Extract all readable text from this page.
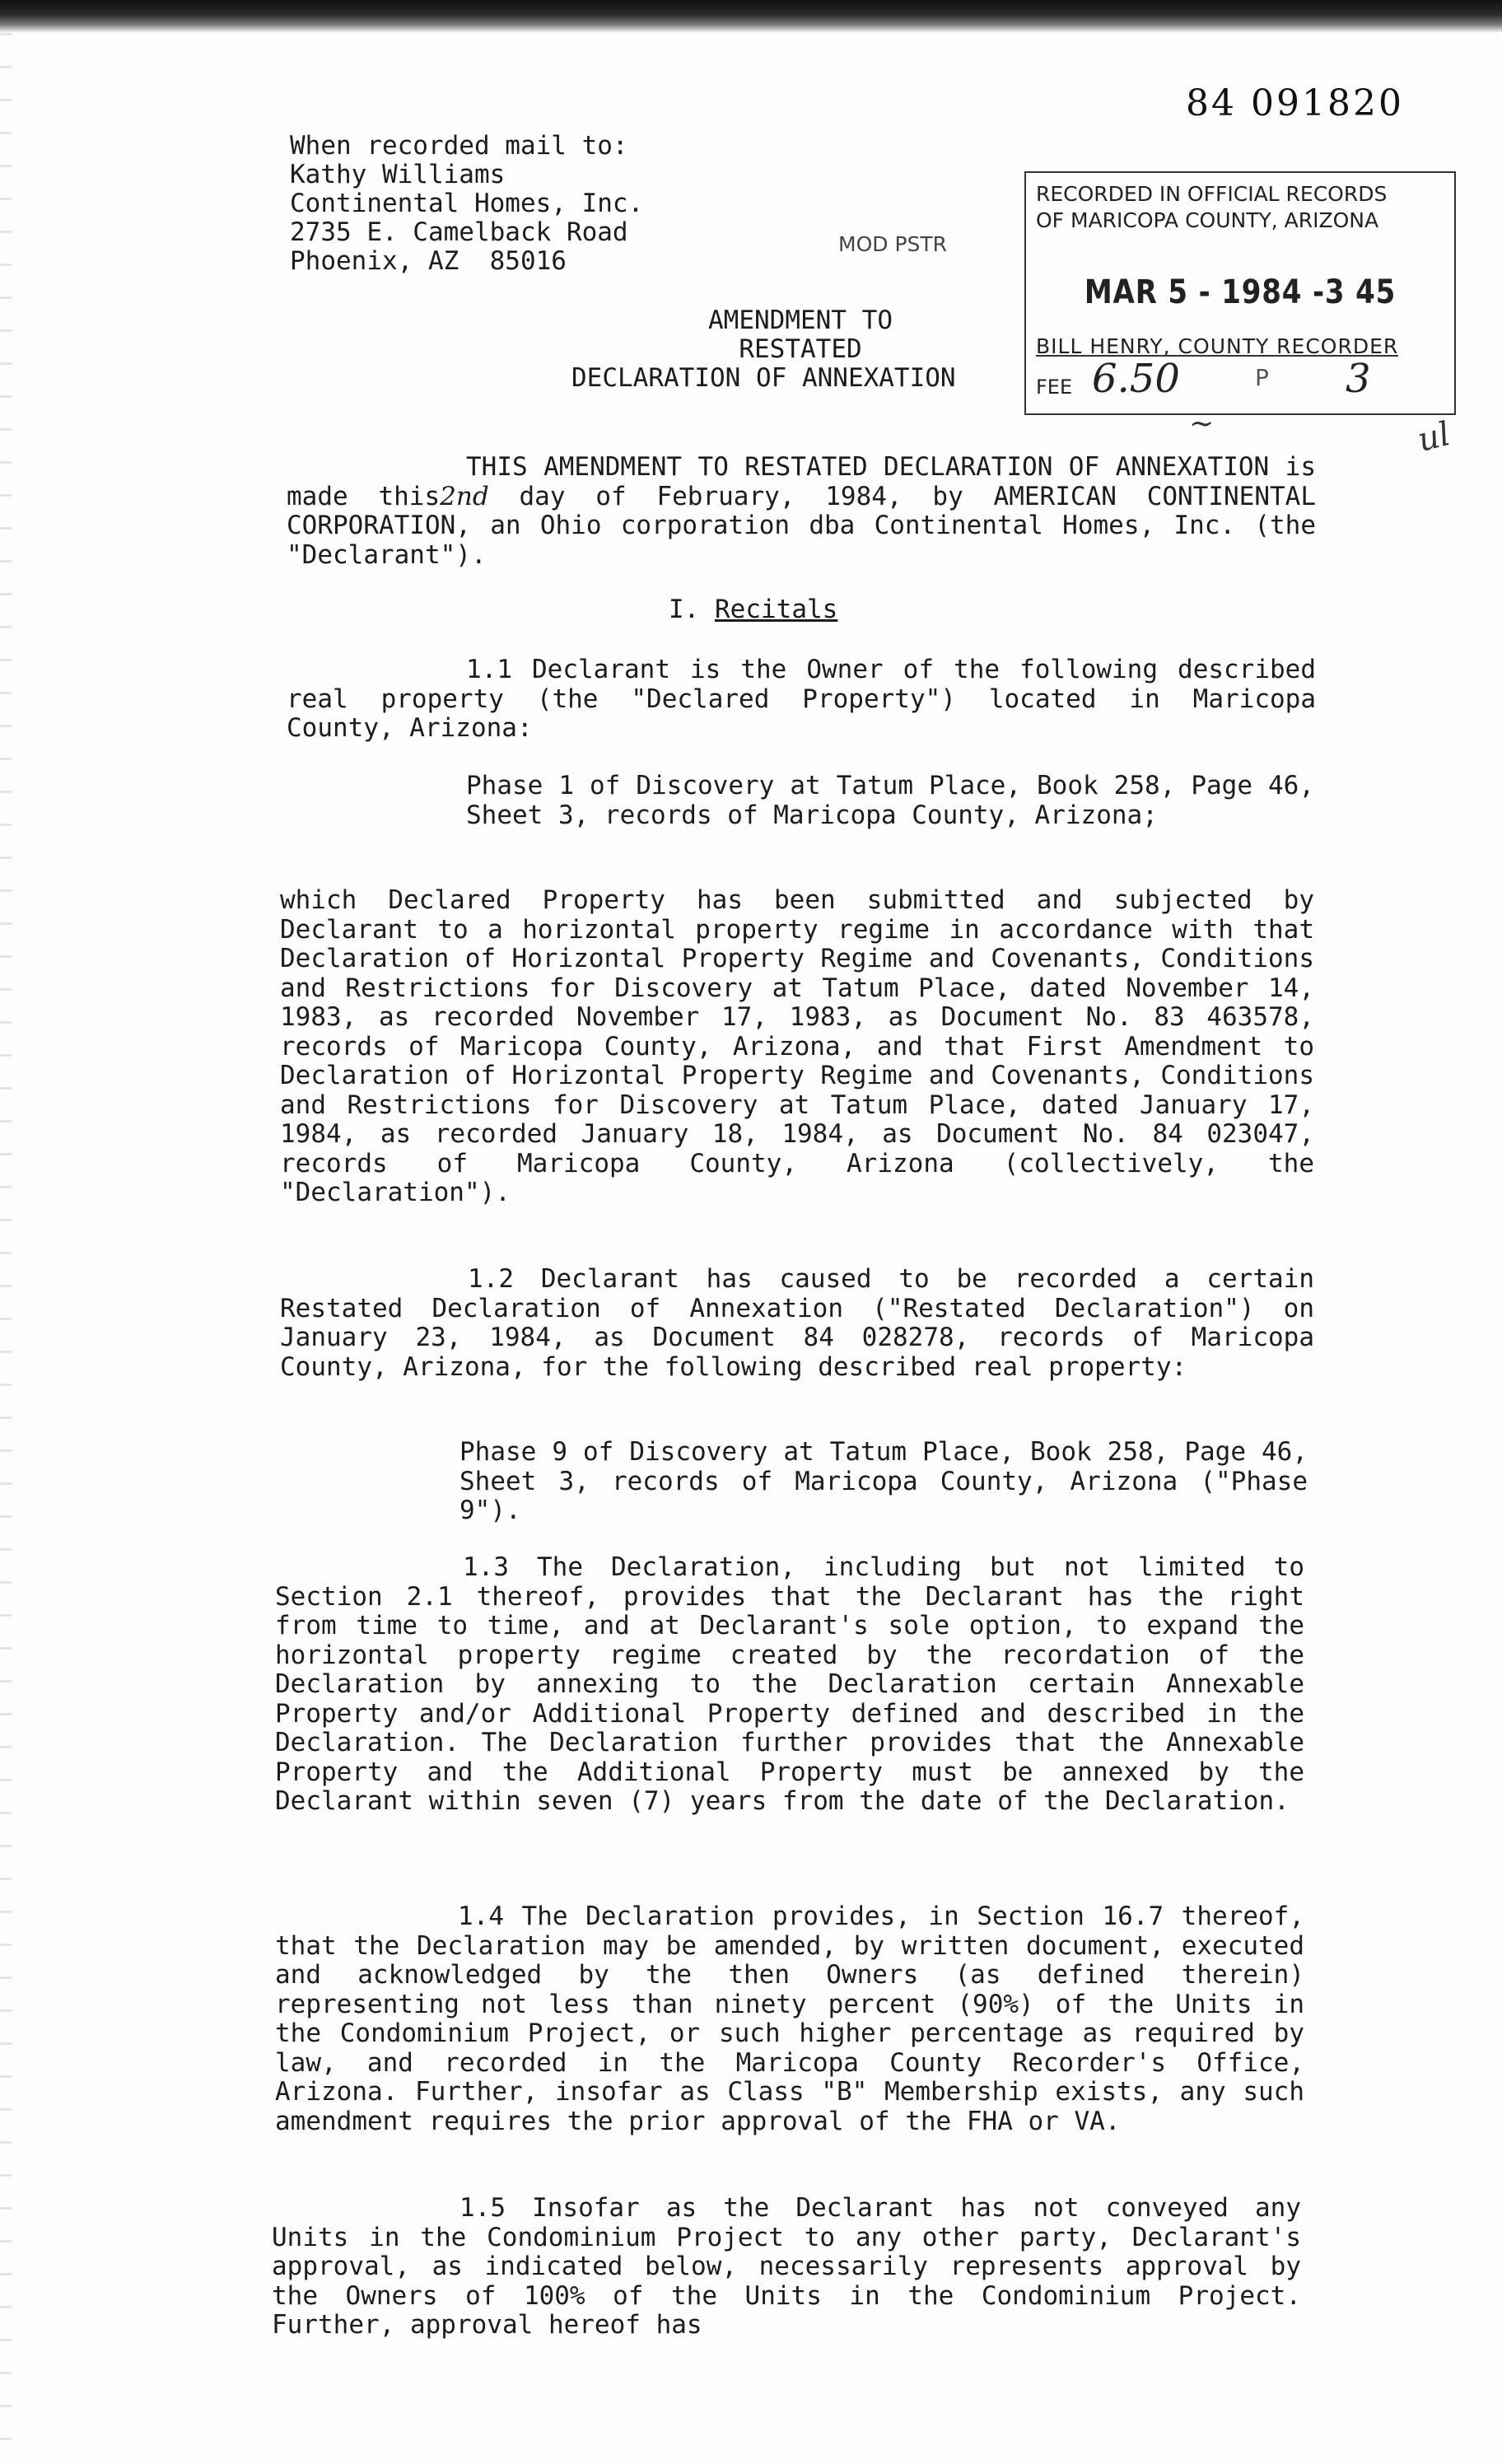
84 091820
When recorded mail to:
Kathy Williams
Continental Homes, Inc.
2735 E. Camelback Road
Phoenix, AZ  85016
MOD PSTR
RECORDED IN OFFICIAL RECORDS
OF MARICOPA COUNTY, ARIZONA
MAR 5 - 1984 -3 45
BILL HENRY, COUNTY RECORDER
FEE 6.50	P 3
~	ul
AMENDMENT TO
RESTATED
DECLARATION OF ANNEXATION
THIS AMENDMENT TO RESTATED DECLARATION OF ANNEXATION is made this2nd day of February, 1984, by AMERICAN CONTINENTAL CORPORATION, an Ohio corporation dba Continental Homes, Inc. (the "Declarant").
I. Recitals
1.1 Declarant is the Owner of the following described real property (the "Declared Property") located in Maricopa County, Arizona:
Phase 1 of Discovery at Tatum Place, Book 258, Page 46, Sheet 3, records of Maricopa County, Arizona;
which Declared Property has been submitted and subjected by Declarant to a horizontal property regime in accordance with that Declaration of Horizontal Property Regime and Covenants, Conditions and Restrictions for Discovery at Tatum Place, dated November 14, 1983, as recorded November 17, 1983, as Document No. 83 463578, records of Maricopa County, Arizona, and that First Amendment to Declaration of Horizontal Property Regime and Covenants, Conditions and Restrictions for Discovery at Tatum Place, dated January 17, 1984, as recorded January 18, 1984, as Document No. 84 023047, records of Maricopa County, Arizona (collectively, the "Declaration").
1.2 Declarant has caused to be recorded a certain Restated Declaration of Annexation ("Restated Declaration") on January 23, 1984, as Document 84 028278, records of Maricopa County, Arizona, for the following described real property:
Phase 9 of Discovery at Tatum Place, Book 258, Page 46, Sheet 3, records of Maricopa County, Arizona ("Phase 9").
1.3 The Declaration, including but not limited to Section 2.1 thereof, provides that the Declarant has the right from time to time, and at Declarant's sole option, to expand the horizontal property regime created by the recordation of the Declaration by annexing to the Declaration certain Annexable Property and/or Additional Property defined and described in the Declaration. The Declaration further provides that the Annexable Property and the Additional Property must be annexed by the Declarant within seven (7) years from the date of the Declaration.
1.4 The Declaration provides, in Section 16.7 thereof, that the Declaration may be amended, by written document, executed and acknowledged by the then Owners (as defined therein) representing not less than ninety percent (90%) of the Units in the Condominium Project, or such higher percentage as required by law, and recorded in the Maricopa County Recorder's Office, Arizona. Further, insofar as Class "B" Membership exists, any such amendment requires the prior approval of the FHA or VA.
1.5 Insofar as the Declarant has not conveyed any Units in the Condominium Project to any other party, Declarant's approval, as indicated below, necessarily represents approval by the Owners of 100% of the Units in the Condominium Project. Further, approval hereof has
